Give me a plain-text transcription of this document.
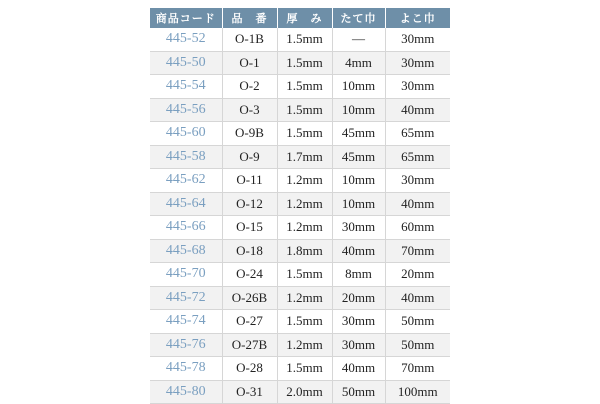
商品コード	品　番	厚　み	たて巾	よこ巾
445-52	O-1B	1.5mm	—	30mm
445-50	O-1	1.5mm	4mm	30mm
445-54	O-2	1.5mm	10mm	30mm
445-56	O-3	1.5mm	10mm	40mm
445-60	O-9B	1.5mm	45mm	65mm
445-58	O-9	1.7mm	45mm	65mm
445-62	O-11	1.2mm	10mm	30mm
445-64	O-12	1.2mm	10mm	40mm
445-66	O-15	1.2mm	30mm	60mm
445-68	O-18	1.8mm	40mm	70mm
445-70	O-24	1.5mm	8mm	20mm
445-72	O-26B	1.2mm	20mm	40mm
445-74	O-27	1.5mm	30mm	50mm
445-76	O-27B	1.2mm	30mm	50mm
445-78	O-28	1.5mm	40mm	70mm
445-80	O-31	2.0mm	50mm	100mm
